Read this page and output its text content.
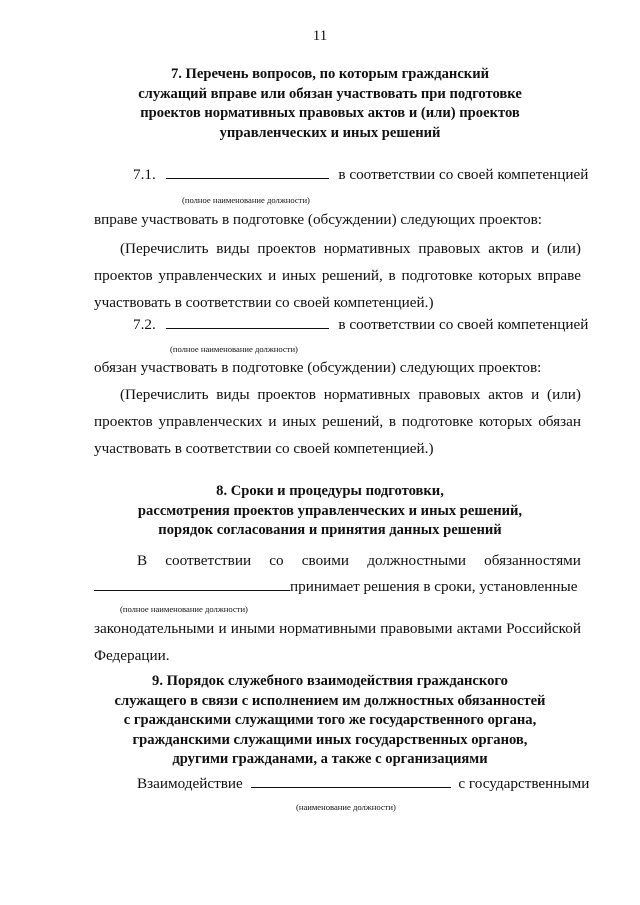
11
7. Перечень вопросов, по которым гражданский
служащий вправе или обязан участвовать при подготовке
проектов нормативных правовых актов и (или) проектов
управленческих и иных решений
7.1.	в соответствии со своей компетенцией
(полное наименование должности)
вправе участвовать в подготовке (обсуждении) следующих проектов:
(Перечислить виды проектов нормативных правовых актов и (или)
проектов управленческих и иных решений, в подготовке которых вправе
участвовать в соответствии со своей компетенцией.)
7.2.	в соответствии со своей компетенцией
(полное наименование должности)
обязан участвовать в подготовке (обсуждении) следующих проектов:
(Перечислить виды проектов нормативных правовых актов и (или)
проектов управленческих и иных решений, в подготовке которых обязан
участвовать в соответствии со своей компетенцией.)
8. Сроки и процедуры подготовки,
рассмотрения проектов управленческих и иных решений,
порядок согласования и принятия данных решений
В соответствии со своими должностными обязанностями
принимает решения в сроки, установленные
(полное наименование должности)
законодательными и иными нормативными правовыми актами Российской
Федерации.
9. Порядок служебного взаимодействия гражданского
служащего в связи с исполнением им должностных обязанностей
с гражданскими служащими того же государственного органа,
гражданскими служащими иных государственных органов,
другими гражданами, а также с организациями
Взаимодействие	с государственными
(наименование должности)
